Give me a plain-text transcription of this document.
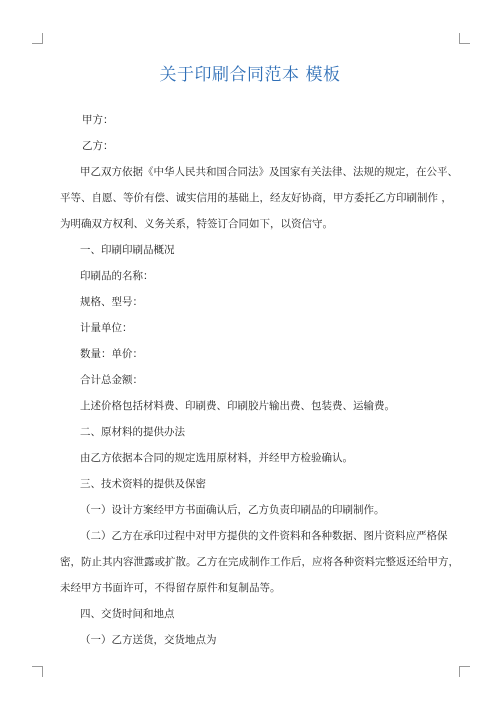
关于印刷合同范本 模板
甲方：
乙方：
甲乙双方依据《中华人民共和国合同法》及国家有关法律、法规的规定，在公平、
平等、自愿、等价有偿、诚实信用的基础上，经友好协商，甲方委托乙方印刷制作 ，
为明确双方权利、义务关系，特签订合同如下，以资信守。
一、印刷印刷品概况
印刷品的名称：
规格、型号：
计量单位：
数量：单价：
合计总金额：
上述价格包括材料费、印刷费、印刷胶片输出费、包装费、运输费。
二、原材料的提供办法
由乙方依据本合同的规定选用原材料，并经甲方检验确认。
三、技术资料的提供及保密
（一）设计方案经甲方书面确认后，乙方负责印刷品的印刷制作。
（二）乙方在承印过程中对甲方提供的文件资料和各种数据、图片资料应严格保
密，防止其内容泄露或扩散。乙方在完成制作工作后，应将各种资料完整返还给甲方，
未经甲方书面许可，不得留存原件和复制品等。
四、交货时间和地点
（一）乙方送货，交货地点为
